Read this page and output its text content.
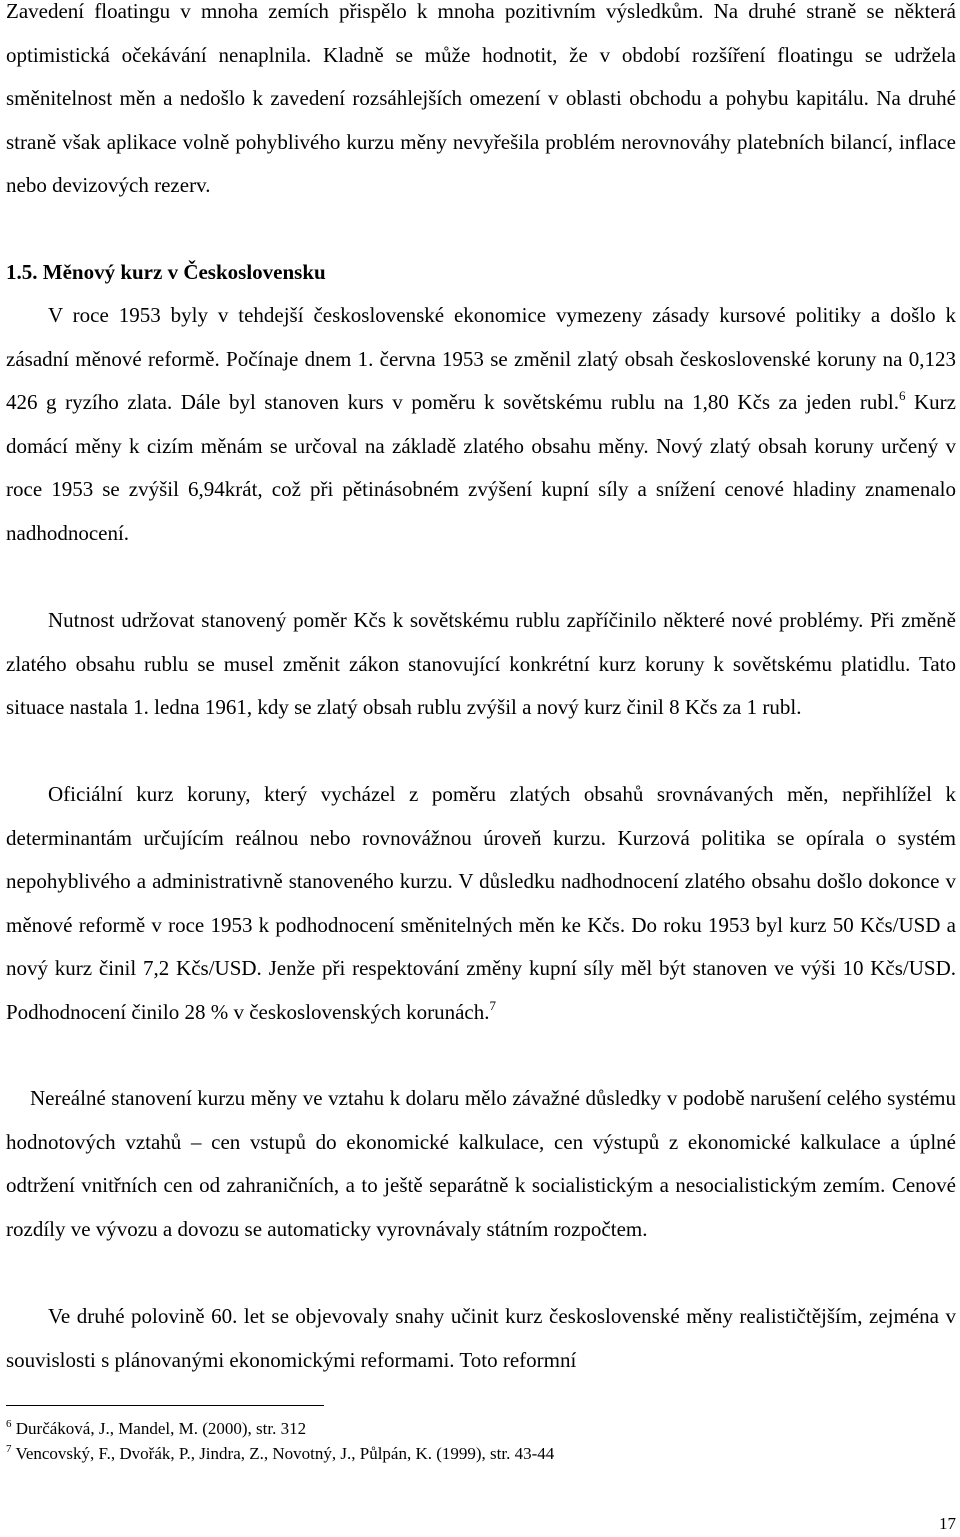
Zavedení floatingu v mnoha zemích přispělo k mnoha pozitivním výsledkům. Na druhé straně se některá optimistická očekávání nenaplnila. Kladně se může hodnotit, že v období rozšíření floatingu se udržela směnitelnost měn a nedošlo k zavedení rozsáhlejších omezení v oblasti obchodu a pohybu kapitálu. Na druhé straně však aplikace volně pohyblivého kurzu měny nevyřešila problém nerovnováhy platebních bilancí, inflace nebo devizových rezerv.

1.5. Měnový kurz v Československu

V roce 1953 byly v tehdejší československé ekonomice vymezeny zásady kursové politiky a došlo k zásadní měnové reformě. Počínaje dnem 1. června 1953 se změnil zlatý obsah československé koruny na 0,123 426 g ryzího zlata. Dále byl stanoven kurs v poměru k sovětskému rublu na 1,80 Kčs za jeden rubl.$^6$ Kurz domácí měny k cizím měnám se určoval na základě zlatého obsahu měny. Nový zlatý obsah koruny určený v roce 1953 se zvýšil 6,94krát, což při pětinásobném zvýšení kupní síly a snížení cenové hladiny znamenalo nadhodnocení.

Nutnost udržovat stanovený poměr Kčs k sovětskému rublu zapříčinilo některé nové problémy. Při změně zlatého obsahu rublu se musel změnit zákon stanovující konkrétní kurz koruny k sovětskému platidlu. Tato situace nastala 1. ledna 1961, kdy se zlatý obsah rublu zvýšil a nový kurz činil 8 Kčs za 1 rubl.

Oficiální kurz koruny, který vycházel z poměru zlatých obsahů srovnávaných měn, nepřihlížel k determinantám určujícím reálnou nebo rovnovážnou úroveň kurzu. Kurzová politika se opírala o systém nepohyblivého a administrativně stanoveného kurzu. V důsledku nadhodnocení zlatého obsahu došlo dokonce v měnové reformě v roce 1953 k podhodnocení směnitelných měn ke Kčs. Do roku 1953 byl kurz 50 Kčs/USD a nový kurz činil 7,2 Kčs/USD. Jenže při respektování změny kupní síly měl být stanoven ve výši 10 Kčs/USD. Podhodnocení činilo 28 % v československých korunách.$^7$

Nereálné stanovení kurzu měny ve vztahu k dolaru mělo závažné důsledky v podobě narušení celého systému hodnotových vztahů – cen vstupů do ekonomické kalkulace, cen výstupů z ekonomické kalkulace a úplné odtržení vnitřních cen od zahraničních, a to ještě separátně k socialistickým a nesocialistickým zemím. Cenové rozdíly ve vývozu a dovozu se automaticky vyrovnávaly státním rozpočtem.

Ve druhé polovině 60. let se objevovaly snahy učinit kurz československé měny realističtějším, zejména v souvislosti s plánovanými ekonomickými reformami. Toto reformní

$^6$ Durčáková, J., Mandel, M. (2000), str. 312

$^7$ Vencovský, F., Dvořák, P., Jindra, Z., Novotný, J., Půlpán, K. (1999), str. 43-44

17
